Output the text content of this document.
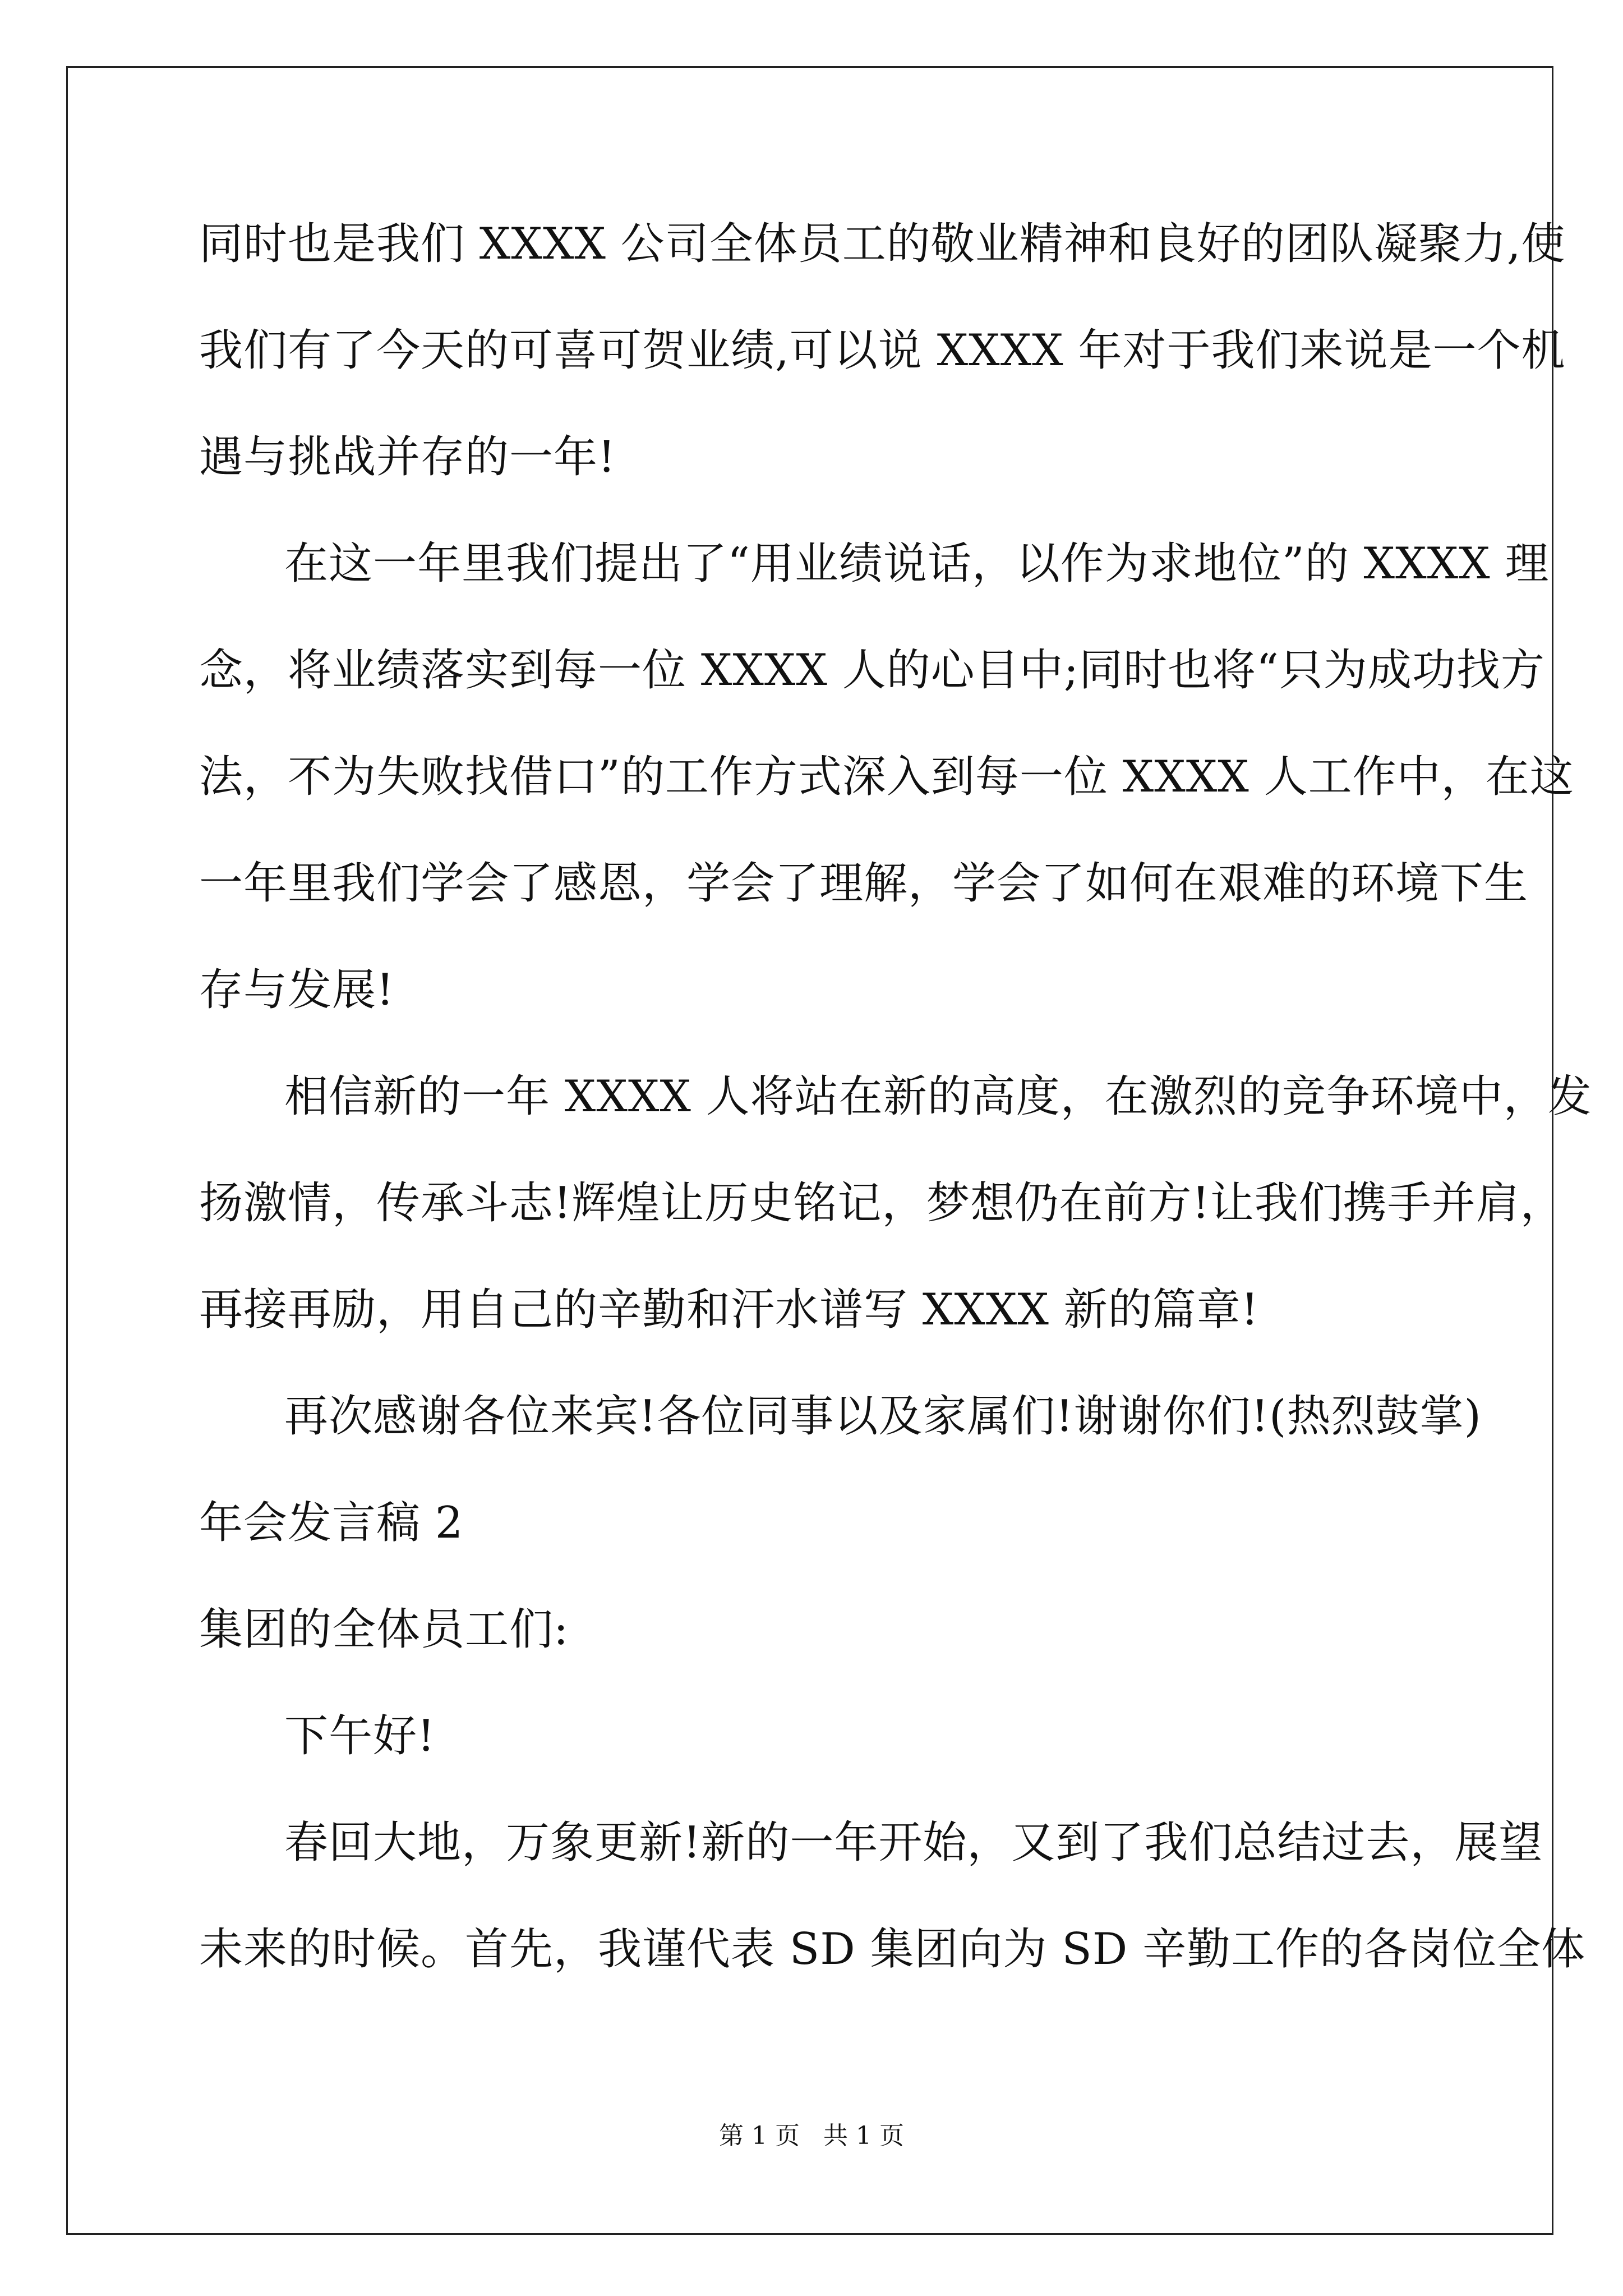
同时也是我们 XXXX 公司全体员工的敬业精神和良好的团队凝聚力,使
我们有了今天的可喜可贺业绩,可以说 XXXX 年对于我们来说是一个机
遇与挑战并存的一年!
在这一年里我们提出了“用业绩说话，以作为求地位”的 XXXX 理
念，将业绩落实到每一位 XXXX 人的心目中;同时也将“只为成功找方
法，不为失败找借口”的工作方式深入到每一位 XXXX 人工作中，在这
一年里我们学会了感恩，学会了理解，学会了如何在艰难的环境下生
存与发展!
相信新的一年 XXXX 人将站在新的高度，在激烈的竞争环境中，发
扬激情，传承斗志!辉煌让历史铭记，梦想仍在前方!让我们携手并肩，
再接再励，用自己的辛勤和汗水谱写 XXXX 新的篇章!
再次感谢各位来宾!各位同事以及家属们!谢谢你们!(热烈鼓掌)
年会发言稿 2
集团的全体员工们:
下午好!
春回大地，万象更新!新的一年开始，又到了我们总结过去，展望
未来的时候。首先，我谨代表 SD 集团向为 SD 辛勤工作的各岗位全体
第 1 页   共 1 页
